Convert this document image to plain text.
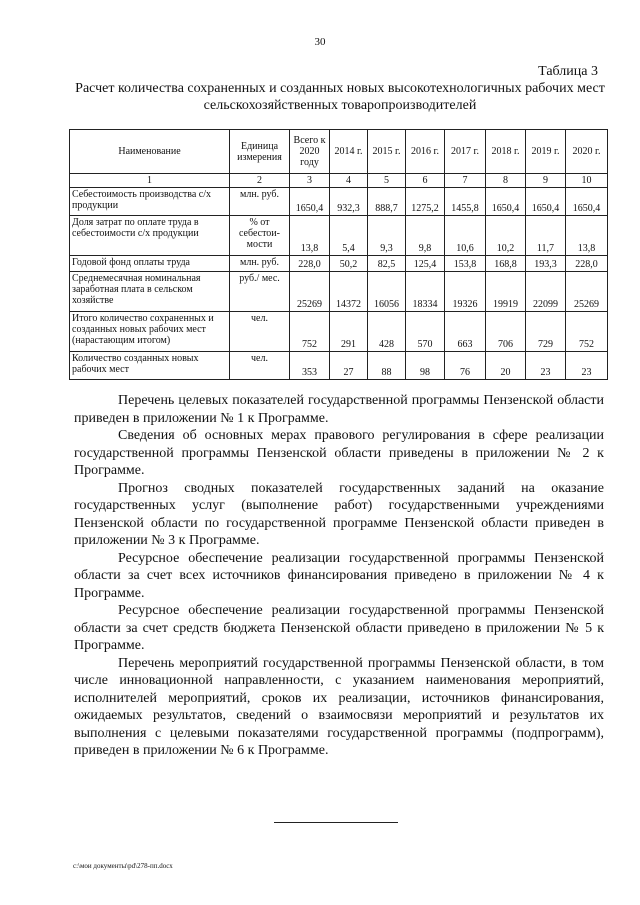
30
Таблица 3
Расчет количества сохраненных и созданных новых высокотехнологичных рабочих мест сельскохозяйственных товаропроизводителей
Наименование	Единица измерения	Всего к 2020 году	2014 г.	2015 г.	2016 г.	2017 г.	2018 г.	2019 г.	2020 г.
1	2	3	4	5	6	7	8	9	10
Себестоимость производства с/х продукции	млн. руб.	1650,4	932,3	888,7	1275,2	1455,8	1650,4	1650,4	1650,4
Доля затрат по оплате труда в себестоимости с/х продукции	% от себестои-мости	13,8	5,4	9,3	9,8	10,6	10,2	11,7	13,8
Годовой фонд оплаты труда	млн. руб.	228,0	50,2	82,5	125,4	153,8	168,8	193,3	228,0
Среднемесячная номинальная заработная плата в сельском хозяйстве	руб./ мес.	25269	14372	16056	18334	19326	19919	22099	25269
Итого количество сохраненных и созданных новых рабочих мест (нарастающим итогом)	чел.	752	291	428	570	663	706	729	752
Количество созданных новых рабочих мест	чел.	353	27	88	98	76	20	23	23

Перечень целевых показателей государственной программы Пензенской области приведен в приложении № 1 к Программе.

Сведения об основных мерах правового регулирования в сфере реализации государственной программы Пензенской области приведены в приложении № 2 к Программе.

Прогноз сводных показателей государственных заданий на оказание государственных услуг (выполнение работ) государственными учреждениями Пензенской области по государственной программе Пензенской области приведен в приложении № 3 к Программе.

Ресурсное обеспечение реализации государственной программы Пензенской области за счет всех источников финансирования приведено в приложении № 4 к Программе.

Ресурсное обеспечение реализации государственной программы Пензенской области за счет средств бюджета Пензенской области приведено в приложении № 5 к Программе.

Перечень мероприятий государственной программы Пензенской области, в том числе инновационной направленности, с указанием наименования мероприятий, исполнителей мероприятий, сроков их реализации, источников финансирования, ожидаемых результатов, сведений о взаимосвязи мероприятий и результатов их выполнения с целевыми показателями государственной программы (подпрограмм), приведен в приложении № 6 к Программе.

c:\мои документы\pd\278-пп.docx
